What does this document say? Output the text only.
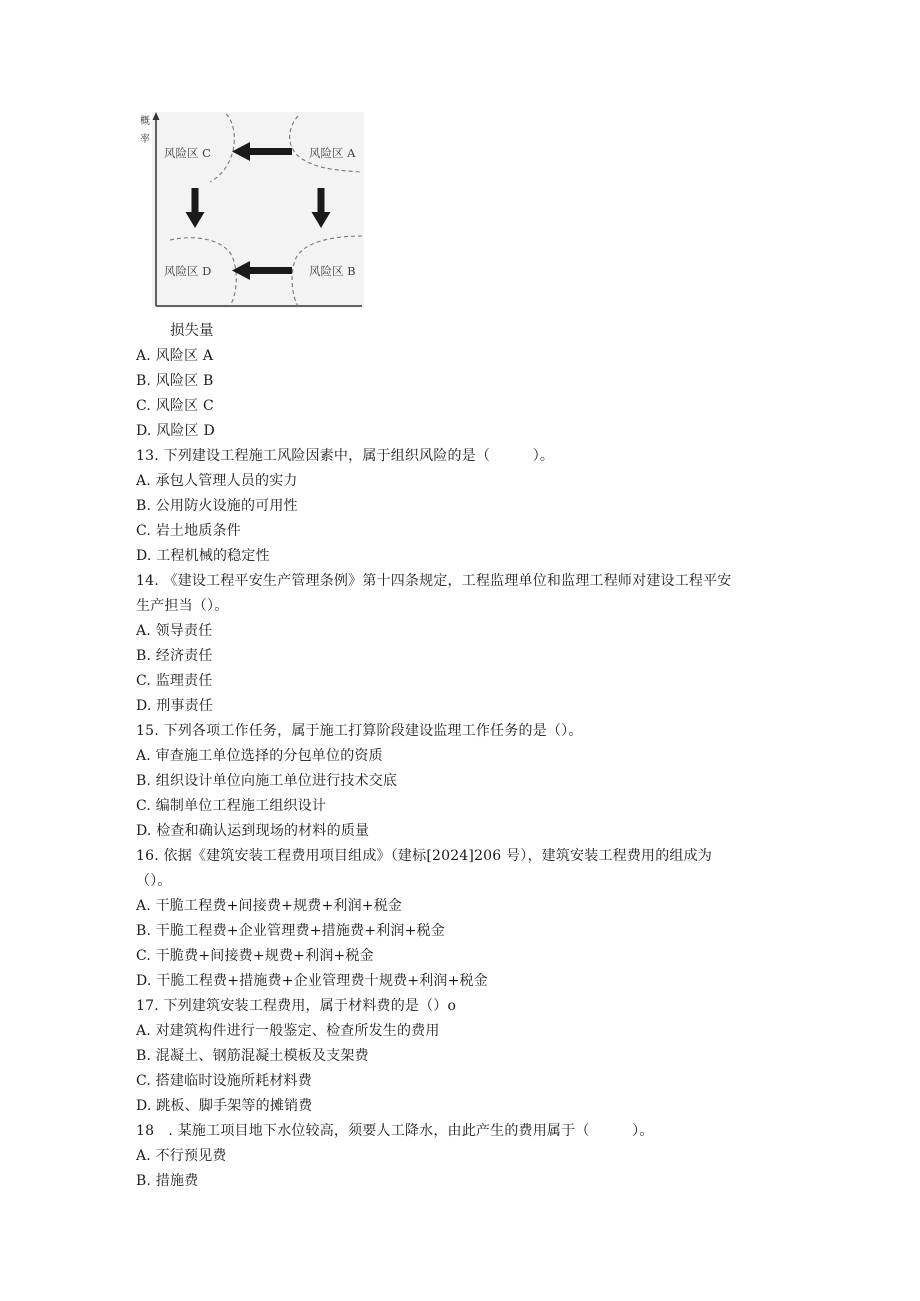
概率
风险区 C	风险区 A
风险区 D	风险区 B
损失量
A. 风险区 A
B. 风险区 B
C. 风险区 C
D. 风险区 D
13. 下列建设工程施工风险因素中，属于组织风险的是（　　　）。
A. 承包人管理人员的实力
B. 公用防火设施的可用性
C. 岩土地质条件
D. 工程机械的稳定性
14. 《建设工程平安生产管理条例》第十四条规定，工程监理单位和监理工程师对建设工程平安
生产担当（）。
A. 领导责任
B. 经济责任
C. 监理责任
D. 刑事责任
15. 下列各项工作任务，属于施工打算阶段建设监理工作任务的是（）。
A. 审查施工单位选择的分包单位的资质
B. 组织设计单位向施工单位进行技术交底
C. 编制单位工程施工组织设计
D. 检查和确认运到现场的材料的质量
16. 依据《建筑安装工程费用项目组成》（建标[2024]206 号），建筑安装工程费用的组成为
（）。
A. 干脆工程费+间接费+规费+利润+税金
B. 干脆工程费+企业管理费+措施费+利润+税金
C. 干脆费+间接费+规费+利润+税金
D. 干脆工程费+措施费+企业管理费十规费+利润+税金
17. 下列建筑安装工程费用，属于材料费的是（）o
A. 对建筑构件进行一般鉴定、检查所发生的费用
B. 混凝土、钢筋混凝土模板及支架费
C. 搭建临时设施所耗材料费
D. 跳板、脚手架等的摊销费
18　. 某施工项目地下水位较高，须要人工降水，由此产生的费用属于（　　　）。
A. 不行预见费
B. 措施费
